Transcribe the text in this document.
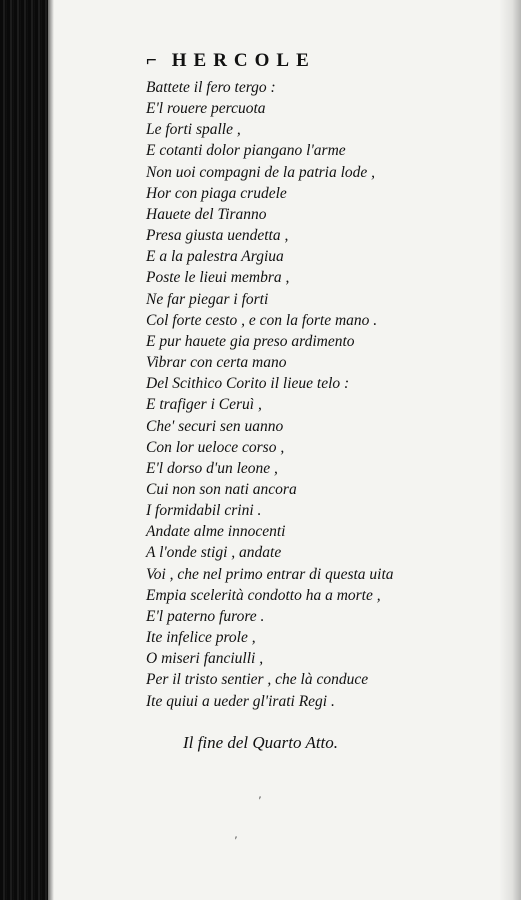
⌐ HERCOLE
Battete il fero tergo :
E'l rouere percuota
Le forti spalle ,
E cotanti dolor piangano l'arme
Non uoi compagni de la patria lode ,
Hor con piaga crudele
Hauete del Tiranno
Presa giusta uendetta ,
E a la palestra Argiua
Poste le lieui membra ,
Ne far piegar i forti
Col forte cesto , e con la forte mano .
E pur hauete gia preso ardimento
Vibrar con certa mano
Del Scithico Corito il lieue telo :
E trafiger i Ceruì ,
Che' securi sen uanno
Con lor ueloce corso ,
E'l dorso d'un leone ,
Cui non son nati ancora
I formidabil crini .
Andate alme innocenti
A l'onde stigi , andate
Voi , che nel primo entrar di questa uita
Empia scelerità condotto ha a morte ,
E'l paterno furore .
Ite infelice prole ,
O miseri fanciulli ,
Per il tristo sentier , che là conduce
Ite quiui a ueder gl'irati Regi .
Il fine del Quarto Atto.
'
'
